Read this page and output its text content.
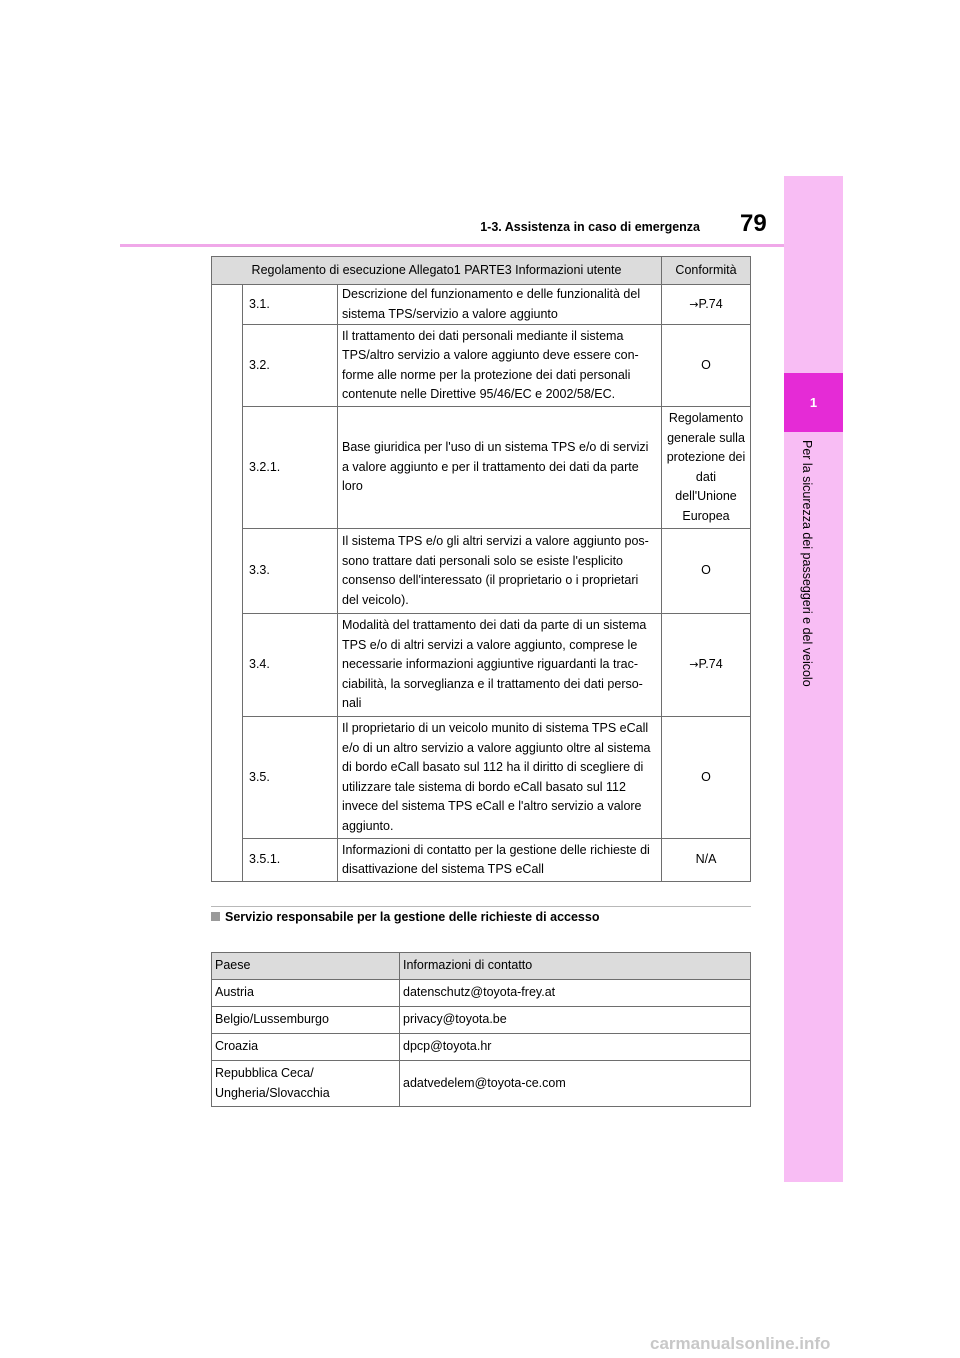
1
Per la sicurezza dei passeggeri e del veicolo
79
1-3. Assistenza in caso di emergenza
Regolamento di esecuzione Allegato1 PARTE3 Informazioni utente			Conformità
	3.1.	Descrizione del funzionamento e delle funzionalità del sistema TPS/servizio a valore aggiunto	→P.74
	3.2.	Il trattamento dei dati personali mediante il sistema TPS/altro servizio a valore aggiunto deve essere con-forme alle norme per la protezione dei dati personali contenute nelle Direttive 95/46/EC e 2002/58/EC.	O
	3.2.1.	Base giuridica per l'uso di un sistema TPS e/o di servizi a valore aggiunto e per il trattamento dei dati da parte loro	Regolamento generale sulla protezione dei dati dell'Unione Europea
	3.3.	Il sistema TPS e/o gli altri servizi a valore aggiunto pos-sono trattare dati personali solo se esiste l'esplicito consenso dell'interessato (il proprietario o i proprietari del veicolo).	O
	3.4.	Modalità del trattamento dei dati da parte di un sistema TPS e/o di altri servizi a valore aggiunto, comprese le necessarie informazioni aggiuntive riguardanti la trac-ciabilità, la sorveglianza e il trattamento dei dati perso-nali	→P.74
	3.5.	Il proprietario di un veicolo munito di sistema TPS eCall e/o di un altro servizio a valore aggiunto oltre al sistema di bordo eCall basato sul 112 ha il diritto di scegliere di utilizzare tale sistema di bordo eCall basato sul 112 invece del sistema TPS eCall e l'altro servizio a valore aggiunto.	O
	3.5.1.	Informazioni di contatto per la gestione delle richieste di disattivazione del sistema TPS eCall	N/A
Servizio responsabile per la gestione delle richieste di accesso
Paese	Informazioni di contatto
Austria	datenschutz@toyota-frey.at
Belgio/Lussemburgo	privacy@toyota.be
Croazia	dpcp@toyota.hr
Repubblica Ceca/ Ungheria/Slovacchia	adatvedelem@toyota-ce.com
carmanualsonline.info
